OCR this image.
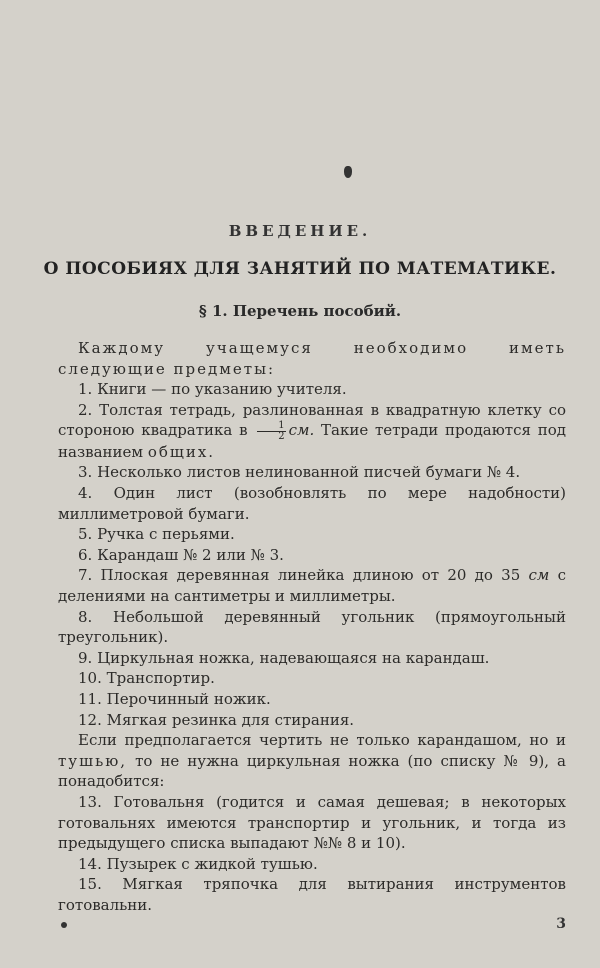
ВВЕДЕНИЕ.
О ПОСОБИЯХ ДЛЯ ЗАНЯТИЙ ПО МАТЕМАТИКЕ.
§ 1. Перечень пособий.

Каждому учащемуся необходимо иметь следующие предметы:

1. Книги — по указанию учителя.

2. Толстая тетрадь, разлинованная в квадратную клетку со стороною квадратика в $\frac{1}{2}$ см. Такие тетради продаются под названием общих.

3. Несколько листов нелинованной писчей бумаги № 4.

4. Один лист (возобновлять по мере надобности) миллиметровой бумаги.

5. Ручка с перьями.

6. Карандаш № 2 или № 3.

7. Плоская деревянная линейка длиною от 20 до 35 см с делениями на сантиметры и миллиметры.

8. Небольшой деревянный угольник (прямоугольный треугольник).

9. Циркульная ножка, надевающаяся на карандаш.

10. Транспортир.

11. Перочинный ножик.

12. Мягкая резинка для стирания.

Если предполагается чертить не только карандашом, но и тушью, то не нужна циркульная ножка (по списку № 9), а понадобится:

13. Готовальня (годится и самая дешевая; в некоторых готовальнях имеются транспортир и угольник, и тогда из предыдущего списка выпадают №№ 8 и 10).

14. Пузырек с жидкой тушью.

15. Мягкая тряпочка для вытирания инструментов готовальни.

3
